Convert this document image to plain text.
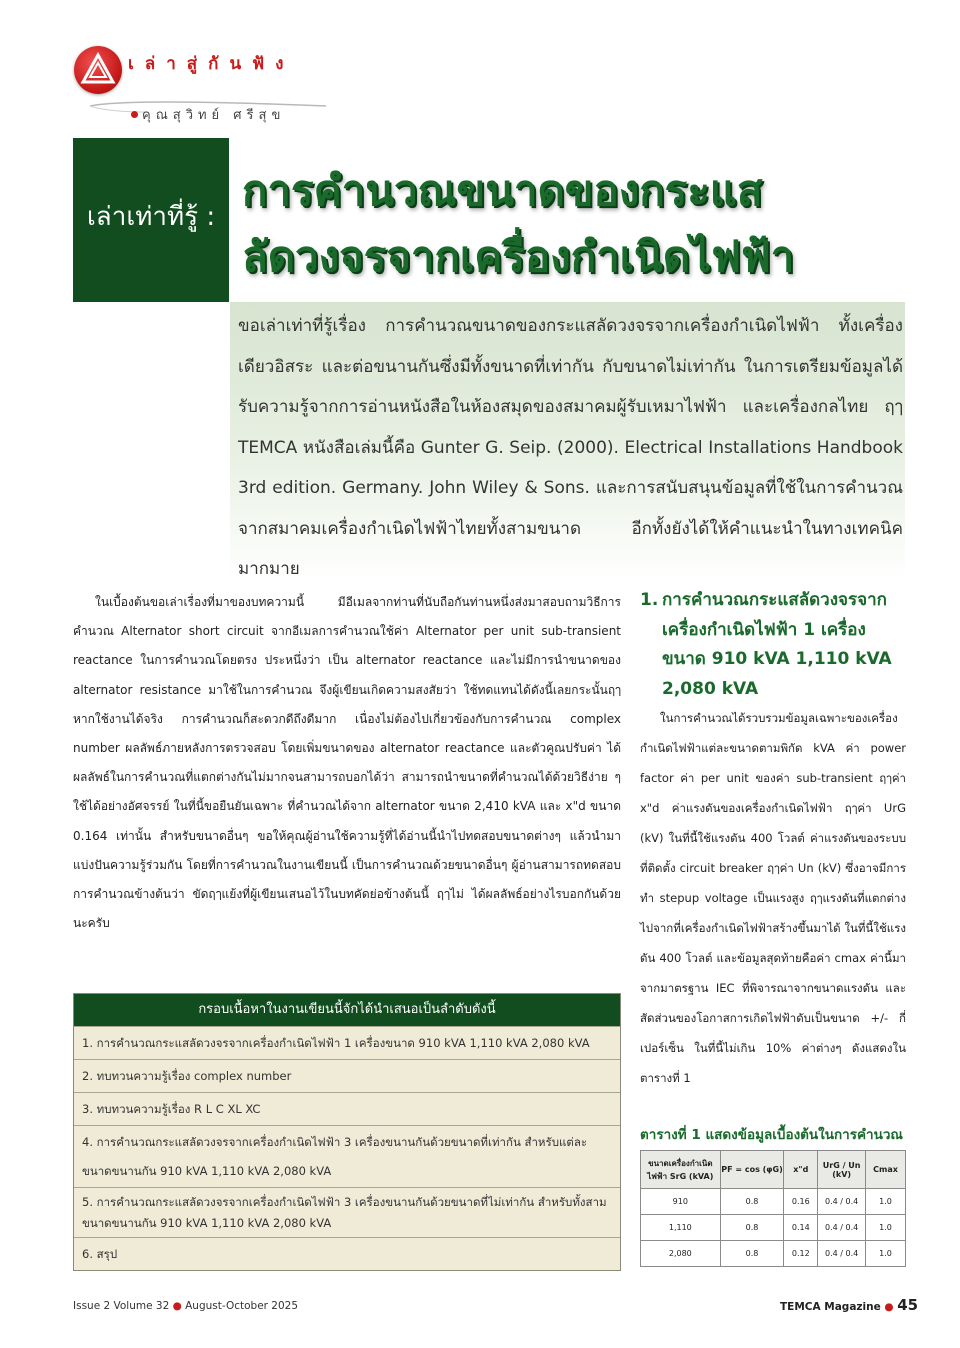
เล่าสู่กันฟัง
คุณสุวิทย์ ศรีสุข
เล่าเท่าที่รู้ :
การคำนวณขนาดของกระแส
ลัดวงจรจากเครื่องกำเนิดไฟฟ้า

ขอเล่าเท่าที่รู้เรื่อง การคำนวณขนาดของกระแสลัดวงจรจากเครื่องกำเนิดไฟฟ้า ทั้งเครื่องเดียวอิสระ และต่อขนานกันซึ่งมีทั้งขนาดที่เท่ากัน กับขนาดไม่เท่ากัน ในการเตรียมข้อมูลได้รับความรู้จากการอ่านหนังสือในห้องสมุดของสมาคมผู้รับเหมาไฟฟ้า และเครื่องกลไทย ฤๅ TEMCA หนังสือเล่มนี้คือ Gunter G. Seip. (2000). Electrical Installations Handbook 3rd edition. Germany. John Wiley & Sons. และการสนับสนุนข้อมูลที่ใช้ในการคำนวณจากสมาคมเครื่องกำเนิดไฟฟ้าไทยทั้งสามขนาด อีกทั้งยังได้ให้คำแนะนำในทางเทคนิคมากมาย

ในเบื้องต้นขอเล่าเรื่องที่มาของบทความนี้ มีอีเมลจากท่านที่นับถือกันท่านหนึ่งส่งมาสอบถามวิธีการคำนวณ Alternator short circuit จากอีเมลการคำนวณใช้ค่า Alternator per unit sub-transient reactance ในการคำนวณโดยตรง ประหนึ่งว่า เป็น alternator reactance และไม่มีการนำขนาดของ alternator resistance มาใช้ในการคำนวณ จึงผู้เขียนเกิดความสงสัยว่า ใช้ทดแทนได้ดังนี้เลยกระนั้นฤๅ หากใช้งานได้จริง การคำนวณก็สะดวกดีถึงดีมาก เนื่องไม่ต้องไปเกี่ยวข้องกับการคำนวณ complex number ผลลัพธ์ภายหลังการตรวจสอบ โดยเพิ่มขนาดของ alternator reactance และตัวคูณปรับค่า ได้ผลลัพธ์ในการคำนวณที่แตกต่างกันไม่มากจนสามารถบอกได้ว่า สามารถนำขนาดที่คำนวณได้ด้วยวิธีง่าย ๆ ใช้ได้อย่างอัศจรรย์ ในที่นี้ขอยืนยันเฉพาะ ที่คำนวณได้จาก alternator ขนาด 2,410 kVA และ x"d ขนาด 0.164 เท่านั้น สำหรับขนาดอื่นๆ ขอให้คุณผู้อ่านใช้ความรู้ที่ได้อ่านนี้นำไปทดสอบขนาดต่างๆ แล้วนำมาแบ่งปันความรู้ร่วมกัน โดยที่การคำนวณในงานเขียนนี้ เป็นการคำนวณด้วยขนาดอื่นๆ ผู้อ่านสามารถทดสอบการคำนวณข้างต้นว่า ขัดฤๅแย้งที่ผู้เขียนเสนอไว้ในบทคัดย่อข้างต้นนี้ ฤๅไม่ ได้ผลลัพธ์อย่างไรบอกกันด้วยนะครับ

กรอบเนื้อหาในงานเขียนนี้จักได้นำเสนอเป็นลำดับดังนี้
1. การคำนวณกระแสลัดวงจรจากเครื่องกำเนิดไฟฟ้า 1 เครื่องขนาด 910 kVA 1,110 kVA 2,080 kVA
2. ทบทวนความรู้เรื่อง complex number
3. ทบทวนความรู้เรื่อง R L C XL XC
4. การคำนวณกระแสลัดวงจรจากเครื่องกำเนิดไฟฟ้า 3 เครื่องขนานกันด้วยขนาดที่เท่ากัน สำหรับแต่ละขนาดขนานกัน 910 kVA 1,110 kVA 2,080 kVA
5. การคำนวณกระแสลัดวงจรจากเครื่องกำเนิดไฟฟ้า 3 เครื่องขนานกันด้วยขนาดที่ไม่เท่ากัน สำหรับทั้งสามขนาดขนานกัน 910 kVA 1,110 kVA 2,080 kVA
6. สรุป
1. การคำนวณกระแสลัดวงจรจากเครื่องกำเนิดไฟฟ้า 1 เครื่อง ขนาด 910 kVA 1,110 kVA 2,080 kVA

ในการคำนวณได้รวบรวมข้อมูลเฉพาะของเครื่องกำเนิดไฟฟ้าแต่ละขนาดตามพิกัด kVA ค่า power factor ค่า per unit ของค่า sub-transient ฤๅค่า x"d ค่าแรงดันของเครื่องกำเนิดไฟฟ้า ฤๅค่า UrG (kV) ในที่นี้ใช้แรงดัน 400 โวลต์ ค่าแรงดันของระบบที่ติดตั้ง circuit breaker ฤๅค่า Un (kV) ซึ่งอาจมีการทำ stepup voltage เป็นแรงสูง ฤๅแรงดันที่แตกต่างไปจากที่เครื่องกำเนิดไฟฟ้าสร้างขึ้นมาได้ ในที่นี้ใช้แรงดัน 400 โวลต์ และข้อมูลสุดท้ายคือค่า cmax ค่านี้มาจากมาตรฐาน IEC ที่พิจารณาจากขนาดแรงดัน และสัดส่วนของโอกาสการเกิดไฟฟ้าดับเป็นขนาด +/- กี่เปอร์เซ็น ในที่นี้ไม่เกิน 10% ค่าต่างๆ ดังแสดงในตารางที่ 1

ตารางที่ 1 แสดงข้อมูลเบื้องต้นในการคำนวณ
ขนาดเครื่องกำเนิดไฟฟ้า SrG (kVA)	PF = cos (φG)	x"d	UrG / Un (kV)	Cmax
910	0.8	0.16	0.4 / 0.4	1.0
1,110	0.8	0.14	0.4 / 0.4	1.0
2,080	0.8	0.12	0.4 / 0.4	1.0
Issue 2 Volume 32 ● August-October 2025	TEMCA Magazine ● 45
